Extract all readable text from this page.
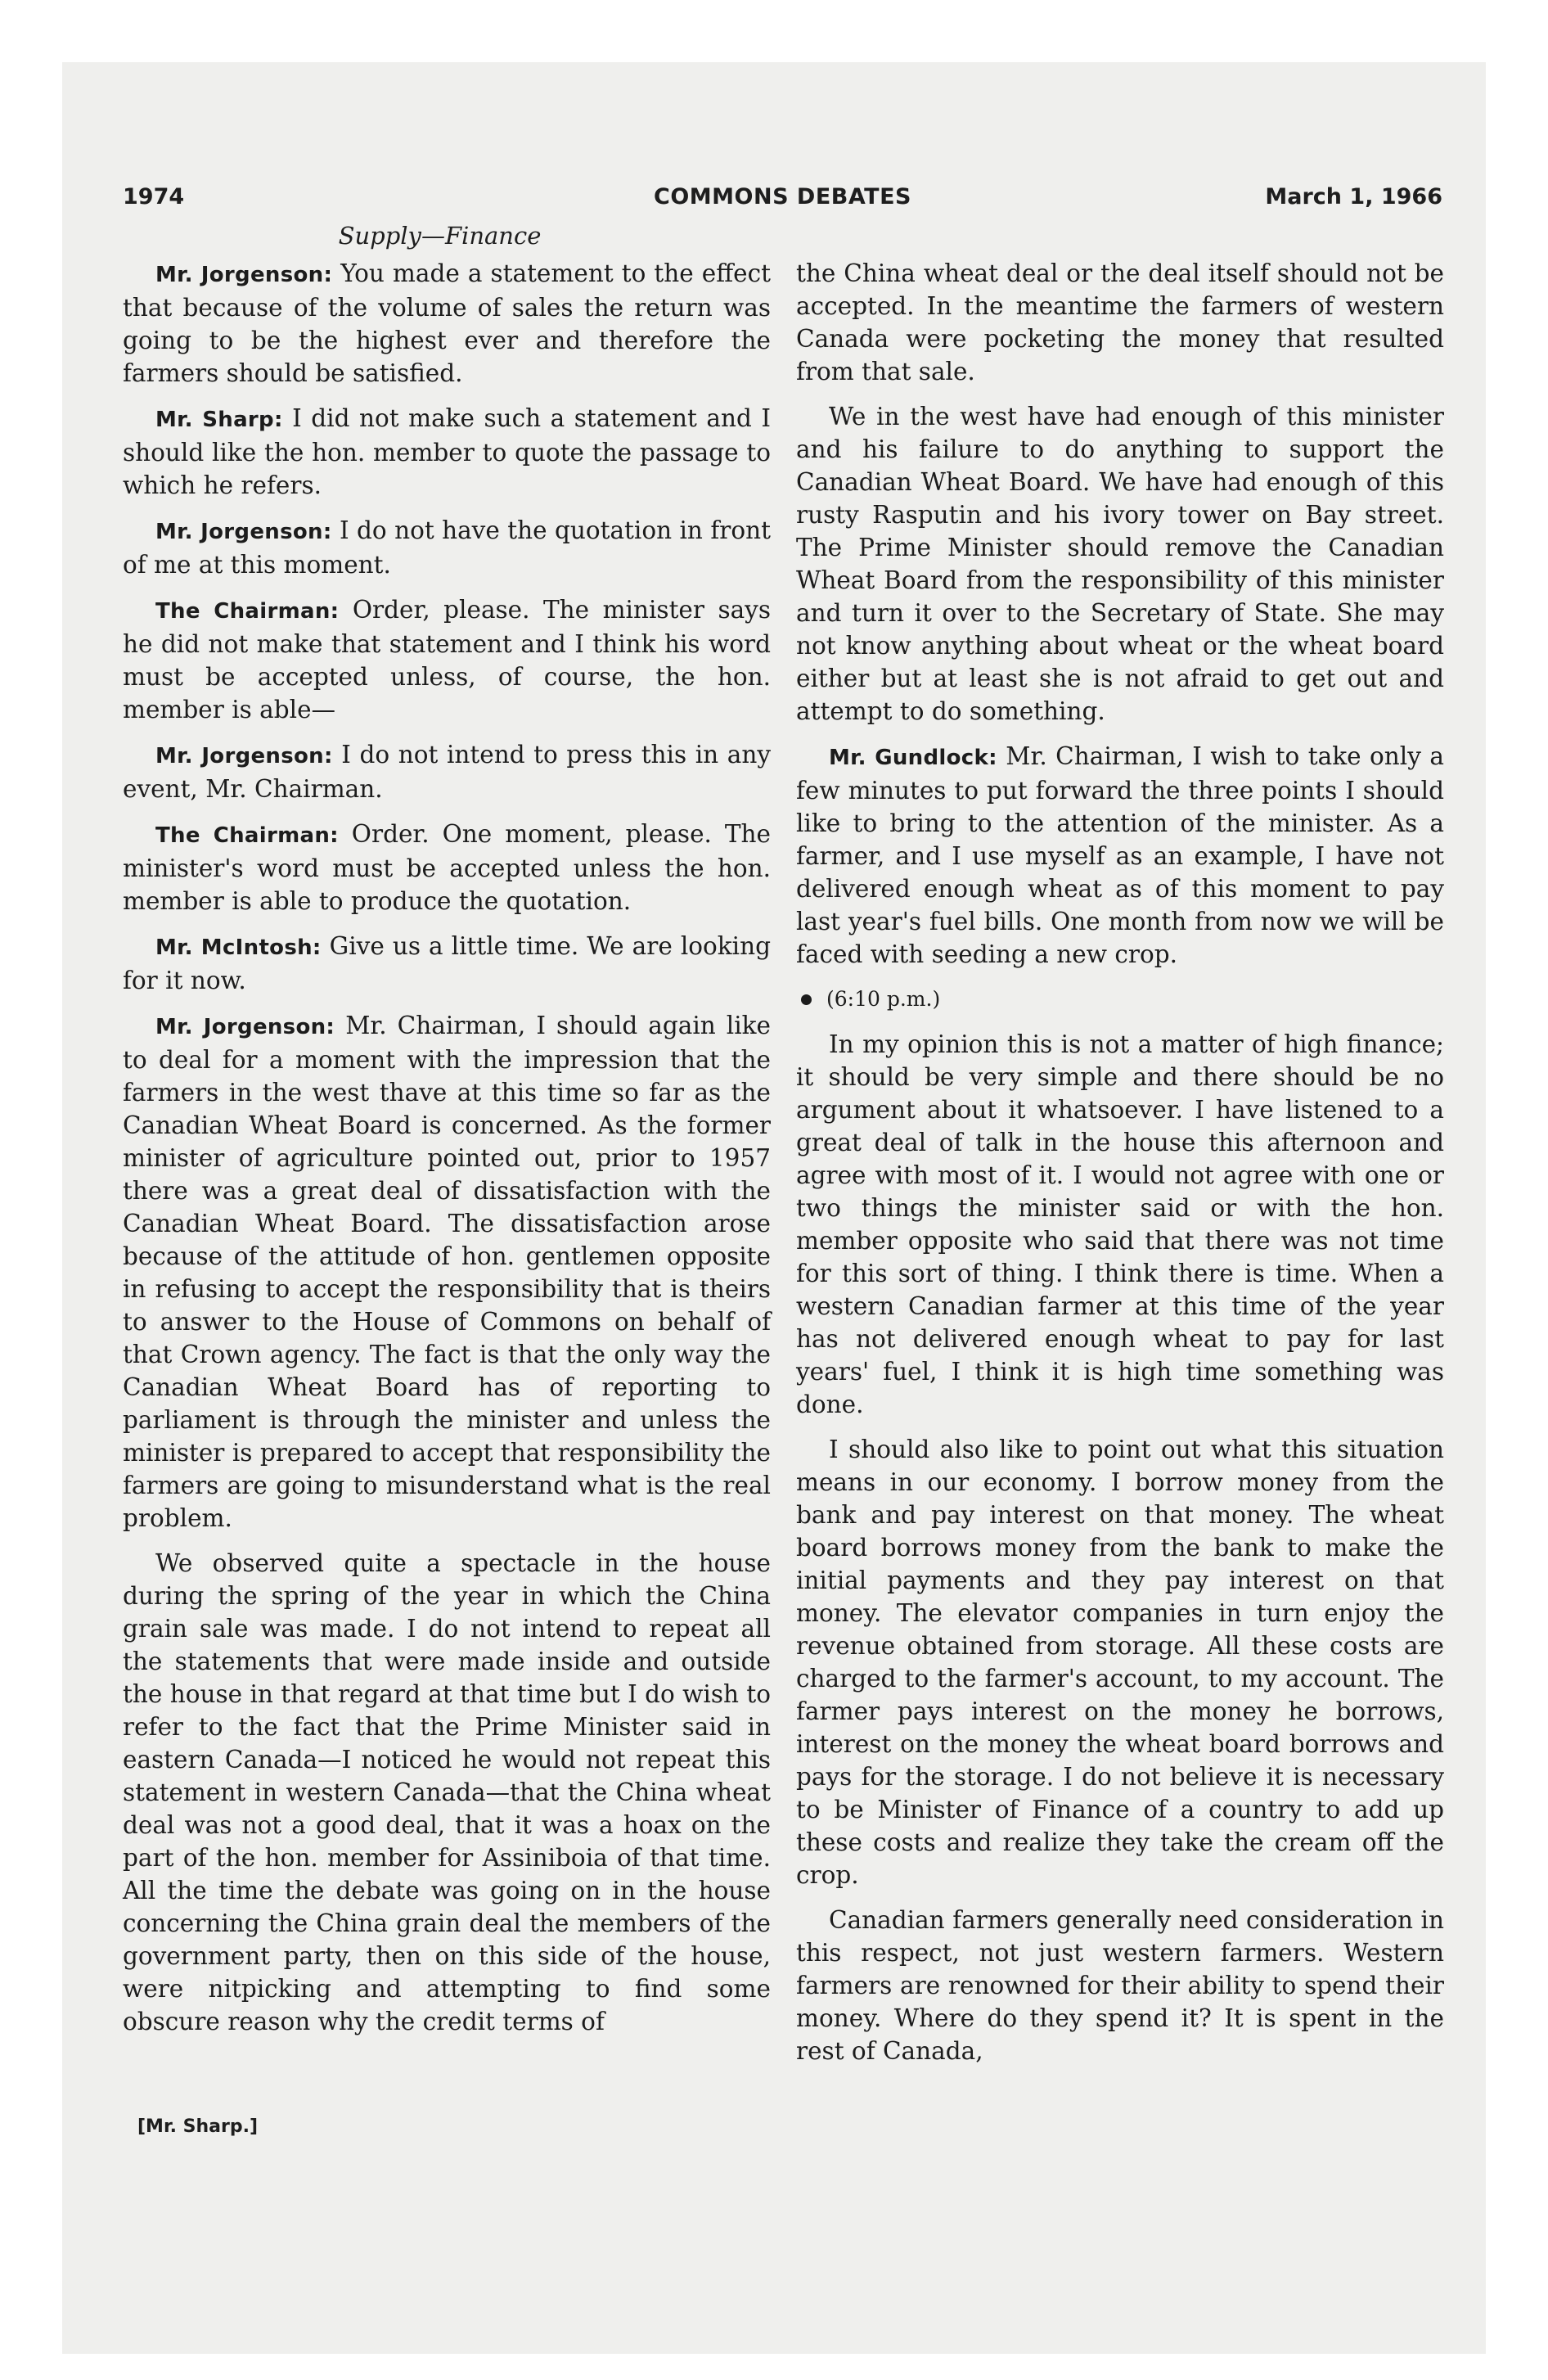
1974	COMMONS DEBATES	March 1, 1966
Supply—Finance

Mr. Jorgenson: You made a statement to the effect that because of the volume of sales the return was going to be the highest ever and therefore the farmers should be satisfied.

Mr. Sharp: I did not make such a statement and I should like the hon. member to quote the passage to which he refers.

Mr. Jorgenson: I do not have the quotation in front of me at this moment.

The Chairman: Order, please. The minister says he did not make that statement and I think his word must be accepted unless, of course, the hon. member is able—

Mr. Jorgenson: I do not intend to press this in any event, Mr. Chairman.

The Chairman: Order. One moment, please. The minister's word must be accepted unless the hon. member is able to produce the quotation.

Mr. McIntosh: Give us a little time. We are looking for it now.

Mr. Jorgenson: Mr. Chairman, I should again like to deal for a moment with the impression that the farmers in the west thave at this time so far as the Canadian Wheat Board is concerned. As the former minister of agriculture pointed out, prior to 1957 there was a great deal of dissatisfaction with the Canadian Wheat Board. The dissatisfaction arose because of the attitude of hon. gentlemen opposite in refusing to accept the responsibility that is theirs to answer to the House of Commons on behalf of that Crown agency. The fact is that the only way the Canadian Wheat Board has of reporting to parliament is through the minister and unless the minister is prepared to accept that responsibility the farmers are going to misunderstand what is the real problem.

We observed quite a spectacle in the house during the spring of the year in which the China grain sale was made. I do not intend to repeat all the statements that were made inside and outside the house in that regard at that time but I do wish to refer to the fact that the Prime Minister said in eastern Canada—I noticed he would not repeat this statement in western Canada—that the China wheat deal was not a good deal, that it was a hoax on the part of the hon. member for Assiniboia of that time. All the time the debate was going on in the house concerning the China grain deal the members of the government party, then on this side of the house, were nitpicking and attempting to find some obscure reason why the credit terms of

the China wheat deal or the deal itself should not be accepted. In the meantime the farmers of western Canada were pocketing the money that resulted from that sale.

We in the west have had enough of this minister and his failure to do anything to support the Canadian Wheat Board. We have had enough of this rusty Rasputin and his ivory tower on Bay street. The Prime Minister should remove the Canadian Wheat Board from the responsibility of this minister and turn it over to the Secretary of State. She may not know anything about wheat or the wheat board either but at least she is not afraid to get out and attempt to do something.

Mr. Gundlock: Mr. Chairman, I wish to take only a few minutes to put forward the three points I should like to bring to the attention of the minister. As a farmer, and I use myself as an example, I have not delivered enough wheat as of this moment to pay last year's fuel bills. One month from now we will be faced with seeding a new crop.

(6:10 p.m.)

In my opinion this is not a matter of high finance; it should be very simple and there should be no argument about it whatsoever. I have listened to a great deal of talk in the house this afternoon and agree with most of it. I would not agree with one or two things the minister said or with the hon. member opposite who said that there was not time for this sort of thing. I think there is time. When a western Canadian farmer at this time of the year has not delivered enough wheat to pay for last years' fuel, I think it is high time something was done.

I should also like to point out what this situation means in our economy. I borrow money from the bank and pay interest on that money. The wheat board borrows money from the bank to make the initial payments and they pay interest on that money. The elevator companies in turn enjoy the revenue obtained from storage. All these costs are charged to the farmer's account, to my account. The farmer pays interest on the money he borrows, interest on the money the wheat board borrows and pays for the storage. I do not believe it is necessary to be Minister of Finance of a country to add up these costs and realize they take the cream off the crop.

Canadian farmers generally need consideration in this respect, not just western farmers. Western farmers are renowned for their ability to spend their money. Where do they spend it? It is spent in the rest of Canada,

[Mr. Sharp.]
